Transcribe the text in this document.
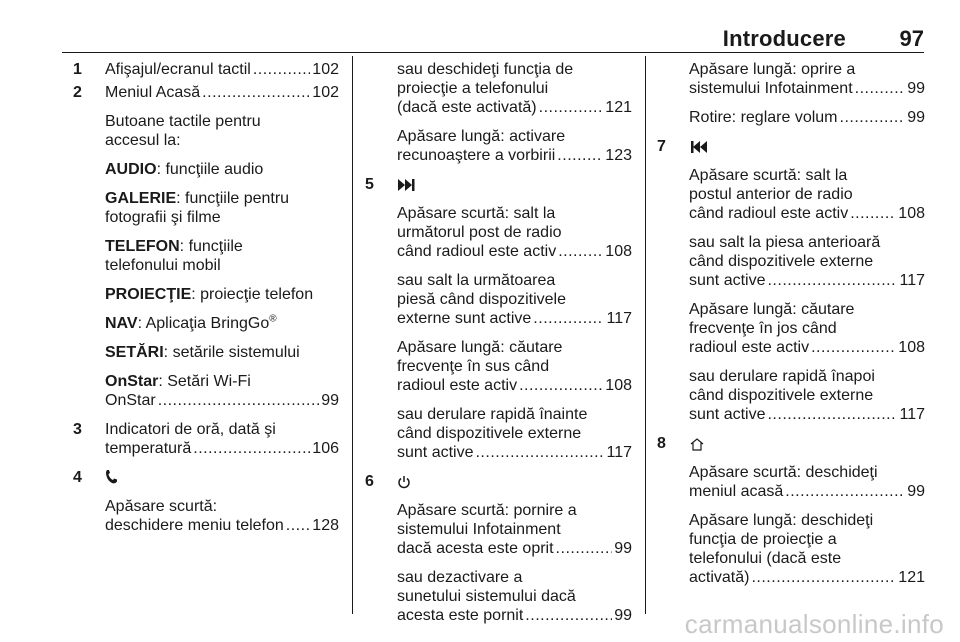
Introducere 97
1 Afişajul/ecranul tactil .....	102
2 Meniul Acasă .....	102
Butoane tactile pentru
accesul la:
AUDIO: funcţiile audio
GALERIE: funcţiile pentru
fotografii şi filme
TELEFON: funcţiile
telefonului mobil
PROIECŢIE: proiecţie telefon
NAV: Aplicaţia BringGo®
SETĂRI: setările sistemului
OnStar: Setări Wi-Fi
OnStar .....	99
3 Indicatori de oră, dată şi
temperatură .....	106
4
Apăsare scurtă:
deschidere meniu telefon ..... 128
sau deschideţi funcţia de
proiecţie a telefonului
(dacă este activată) .....	121
Apăsare lungă: activare
recunoaştere a vorbirii .....	123
5
Apăsare scurtă: salt la
următorul post de radio
când radioul este activ .....	108
sau salt la următoarea
piesă când dispozitivele
externe sunt active .....	117
Apăsare lungă: căutare
frecvenţe în sus când
radioul este activ .....	108
sau derulare rapidă înainte
când dispozitivele externe
sunt active .....	117
6
Apăsare scurtă: pornire a
sistemului Infotainment
dacă acesta este oprit .....	99
sau dezactivare a
sunetului sistemului dacă
acesta este pornit .....	99
Apăsare lungă: oprire a
sistemului Infotainment .....	99
Rotire: reglare volum .....	99
7
Apăsare scurtă: salt la
postul anterior de radio
când radioul este activ .....	108
sau salt la piesa anterioară
când dispozitivele externe
sunt active .....	117
Apăsare lungă: căutare
frecvenţe în jos când
radioul este activ .....	108
sau derulare rapidă înapoi
când dispozitivele externe
sunt active .....	117
8
Apăsare scurtă: deschideţi
meniul acasă .....	99
Apăsare lungă: deschideţi
funcţia de proiecţie a
telefonului (dacă este
activată) .....	121
carmanualsonline.info
